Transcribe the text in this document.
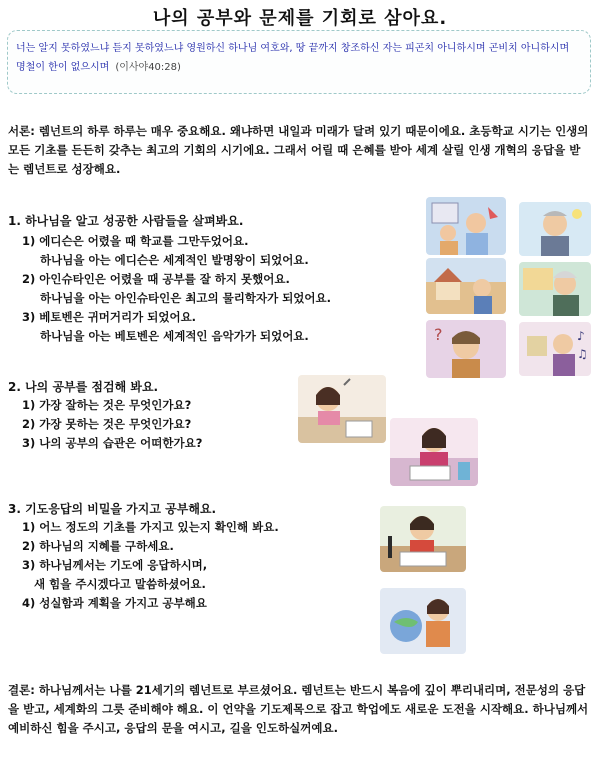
나의 공부와 문제를 기회로 삼아요.

너는 알지 못하였느냐 듣지 못하였느냐 영원하신 하나님 여호와, 땅 끝까지 창조하신 자는 피곤치 아니하시며 곤비치 아니하시며 명철이 한이 없으시며 (이사야40:28)

서론: 렘넌트의 하루 하루는 매우 중요해요. 왜냐하면 내일과 미래가 달려 있기 때문이에요. 초등학교 시기는 인생의 모든 기초를 든든히 갖추는 최고의 기회의 시기에요. 그래서 어릴 때 은혜를 받아 세계 살릴 인생 개혁의 응답을 받는 렘넌트로 성장해요.
1. 하나님을 알고 성공한 사람들을 살펴봐요.
1) 에디슨은 어렸을 때 학교를 그만두었어요.
하나님을 아는 에디슨은 세계적인 발명왕이 되었어요.
2) 아인슈타인은 어렸을 때 공부를 잘 하지 못했어요.
하나님을 아는 아인슈타인은 최고의 물리학자가 되었어요.
3) 베토벤은 귀머거리가 되었어요.
하나님을 아는 베토벤은 세계적인 음악가가 되었어요.	?	♪
♫
2. 나의 공부를 점검해 봐요.
1) 가장 잘하는 것은 무엇인가요?
2) 가장 못하는 것은 무엇인가요?
3) 나의 공부의 습관은 어떠한가요?
3. 기도응답의 비밀을 가지고 공부해요.
1) 어느 정도의 기초를 가지고 있는지 확인해 봐요.
2) 하나님의 지혜를 구하세요.
3) 하나님께서는 기도에 응답하시며,
새 힘을 주시겠다고 말씀하셨어요.
4) 성실함과 계획을 가지고 공부해요
결론: 하나님께서는 나를 21세기의 렘넌트로 부르셨어요. 렘넌트는 반드시 복음에 깊이 뿌리내리며, 전문성의 응답을 받고, 세계화의 그릇 준비해야 해요. 이 언약을 기도제목으로 잡고 학업에도 새로운 도전을 시작해요. 하나님께서 예비하신 힘을 주시고, 응답의 문을 여시고, 길을 인도하실꺼예요.
